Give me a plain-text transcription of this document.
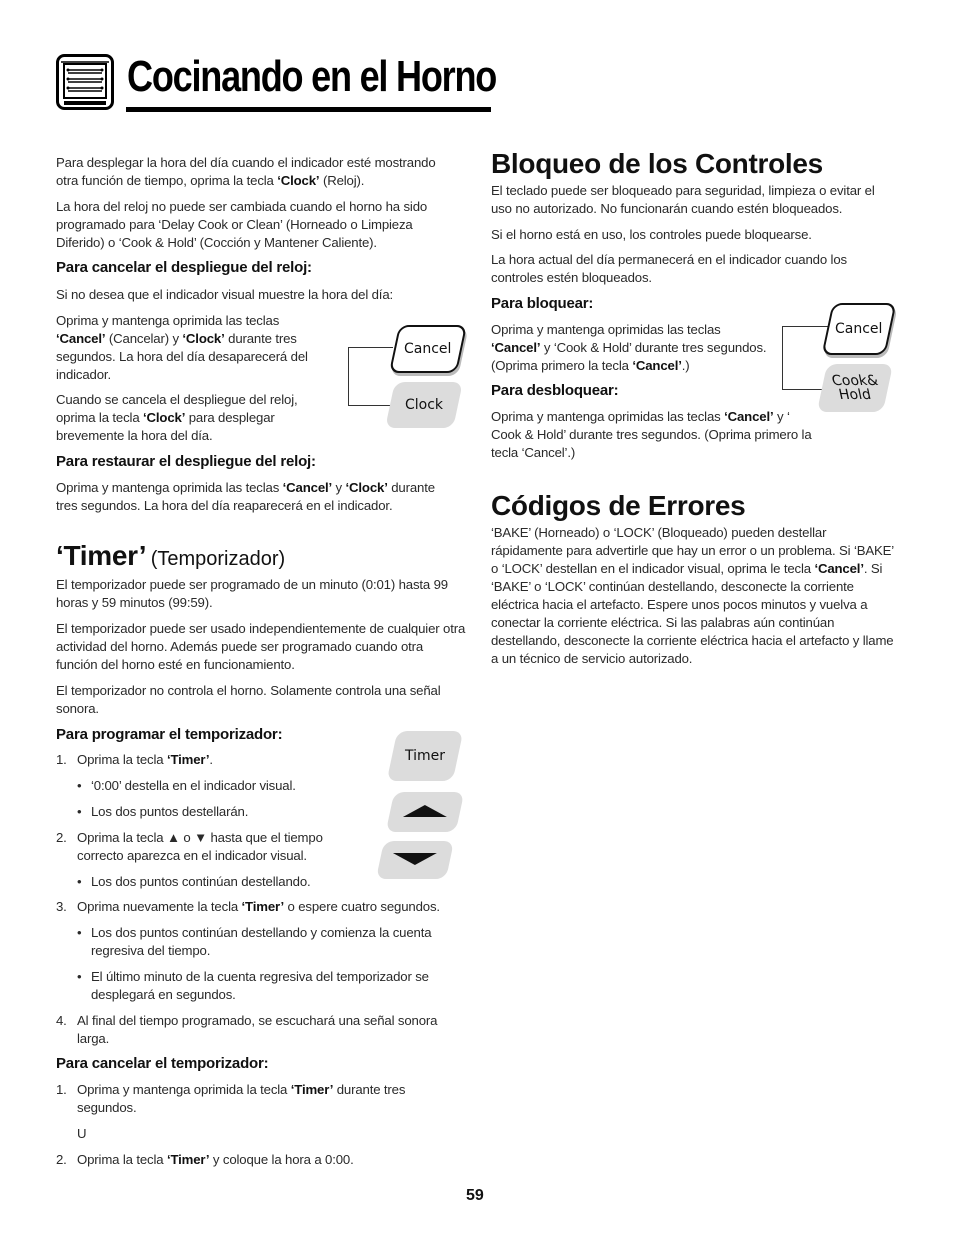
Cocinando en el Horno
Para desplegar la hora del día cuando el indicador esté mostrando otra función de tiempo, oprima la tecla ‘Clock’ (Reloj).
La hora del reloj no puede ser cambiada cuando el horno ha sido programado para ‘Delay Cook or Clean’ (Horneado o Limpieza Diferido) o ‘Cook & Hold’ (Cocción y Mantener Caliente).
Para cancelar el despliegue del reloj:
Si no desea que el indicador visual muestre la hora del día:
Oprima y mantenga oprimida las teclas ‘Cancel’ (Cancelar) y ‘Clock’ durante tres segundos. La hora del día desaparecerá del indicador.
Cuando se cancela el despliegue del reloj, oprima la tecla ‘Clock’ para desplegar brevemente la hora del día.
Cancel
Clock
Para restaurar el despliegue del reloj:
Oprima y mantenga oprimida las teclas ‘Cancel’ y ‘Clock’ durante tres segundos. La hora del día reaparecerá en el indicador.
‘Timer’ (Temporizador)
El temporizador puede ser programado de un minuto (0:01) hasta 99 horas y 59 minutos (99:59).
El temporizador puede ser usado independientemente de cualquier otra actividad del horno. Además puede ser programado cuando otra función del horno esté en funcionamiento.
El temporizador no controla el horno. Solamente controla una señal sonora.
Para programar el temporizador:
1. Oprima la tecla ‘Timer’.
• ‘0:00’ destella en el indicador visual.
• Los dos puntos destellarán.
2. Oprima la tecla ▲ o ▼ hasta que el tiempo correcto aparezca en el indicador visual.
• Los dos puntos continúan destellando.
3. Oprima nuevamente la tecla ‘Timer’ o espere cuatro segundos.
• Los dos puntos continúan destellando y comienza la cuenta regresiva del tiempo.
• El último minuto de la cuenta regresiva del temporizador se desplegará en segundos.
4. Al final del tiempo programado, se escuchará una señal sonora larga.
Timer
Para cancelar el temporizador:
1. Oprima y mantenga oprimida la tecla ‘Timer’ durante tres segundos.
U
2. Oprima la tecla ‘Timer’ y coloque la hora a 0:00.
Bloqueo de los Controles
El teclado puede ser bloqueado para seguridad, limpieza o evitar el uso no autorizado. No funcionarán cuando estén bloqueados.
Si el horno está en uso, los controles puede bloquearse.
La hora actual del día permanecerá en el indicador cuando los controles estén bloqueados.
Para bloquear:
Oprima y mantenga oprimidas las teclas ‘Cancel’ y ‘Cook & Hold’ durante tres segundos. (Oprima primero la tecla ‘Cancel’.)
Para desbloquear:
Oprima y mantenga oprimidas las teclas ‘Cancel’ y ‘ Cook & Hold’ durante tres segundos. (Oprima primero la tecla ‘Cancel’.)
Cancel
Cook&
Hold
Códigos de Errores
‘BAKE’ (Horneado) o ‘LOCK’ (Bloqueado) pueden destellar rápidamente para advertirle que hay un error o un problema. Si ‘BAKE’ o ‘LOCK’ destellan en el indicador visual, oprima le tecla ‘Cancel’. Si ‘BAKE’ o ‘LOCK’ continúan destellando, desconecte la corriente eléctrica hacia el artefacto. Espere unos pocos minutos y vuelva a conectar la corriente eléctrica. Si las palabras aún continúan destellando, desconecte la corriente eléctrica hacia el artefacto y llame a un técnico de servicio autorizado.
59
